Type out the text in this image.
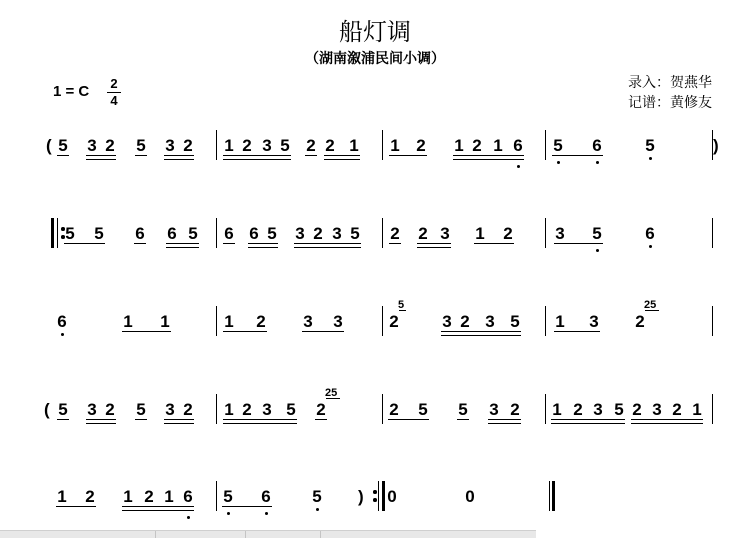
船灯调
（湖南溆浦民间小调）
录入：贺燕华
记谱：黄修友
1 = C 2
4
5 3 2 5 3 2 1 2 3 5 2 2 1 1 2 1 2 1 6 5 6	5
5 5 6 6 5 6 6 5 3 2 3 5 2 2 3 1 2	3 5	6
6	1 1	1 2 3 3	2
5
3 2 3 5 1 3 2
25
5 3 2 5 3 2 1 2 3 5 2
25
2 5 5 3 2 1 2 3 5 2 3 2 1
1 2 1 2 1 6 5 6 5	0	0
(	)
(
)
